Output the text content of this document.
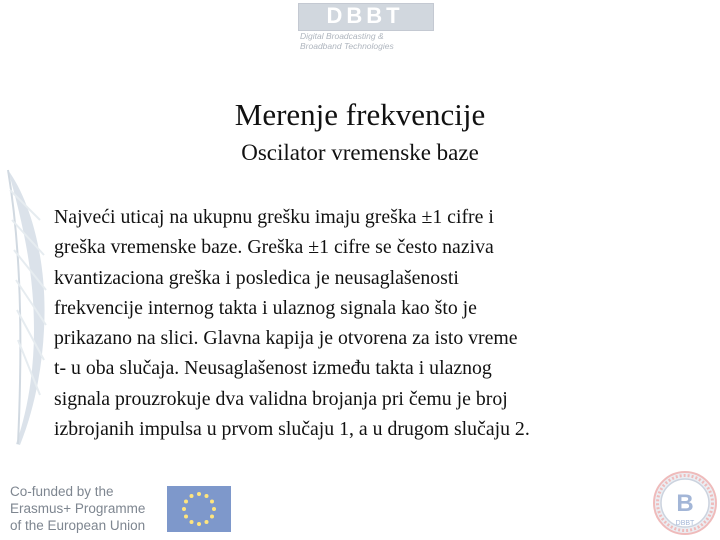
DBBT
Digital Broadcasting &
Broadband Technologies
Merenje frekvencije
Oscilator vremenske baze
Najveći uticaj na ukupnu grešku imaju greška ±1 cifre i
greška vremenske baze. Greška ±1 cifre se često naziva
kvantizaciona greška i posledica je neusaglašenosti
frekvencije internog takta i ulaznog signala kao što je
prikazano na slici. Glavna kapija je otvorena za isto vreme
t- u oba slučaja. Neusaglašenost između takta i ulaznog
signala prouzrokuje dva validna brojanja pri čemu je broj
izbrojanih impulsa u prvom slučaju 1, a u drugom slučaju 2.
Co-funded by the
Erasmus+ Programme
of the European Union
B
DBBT
